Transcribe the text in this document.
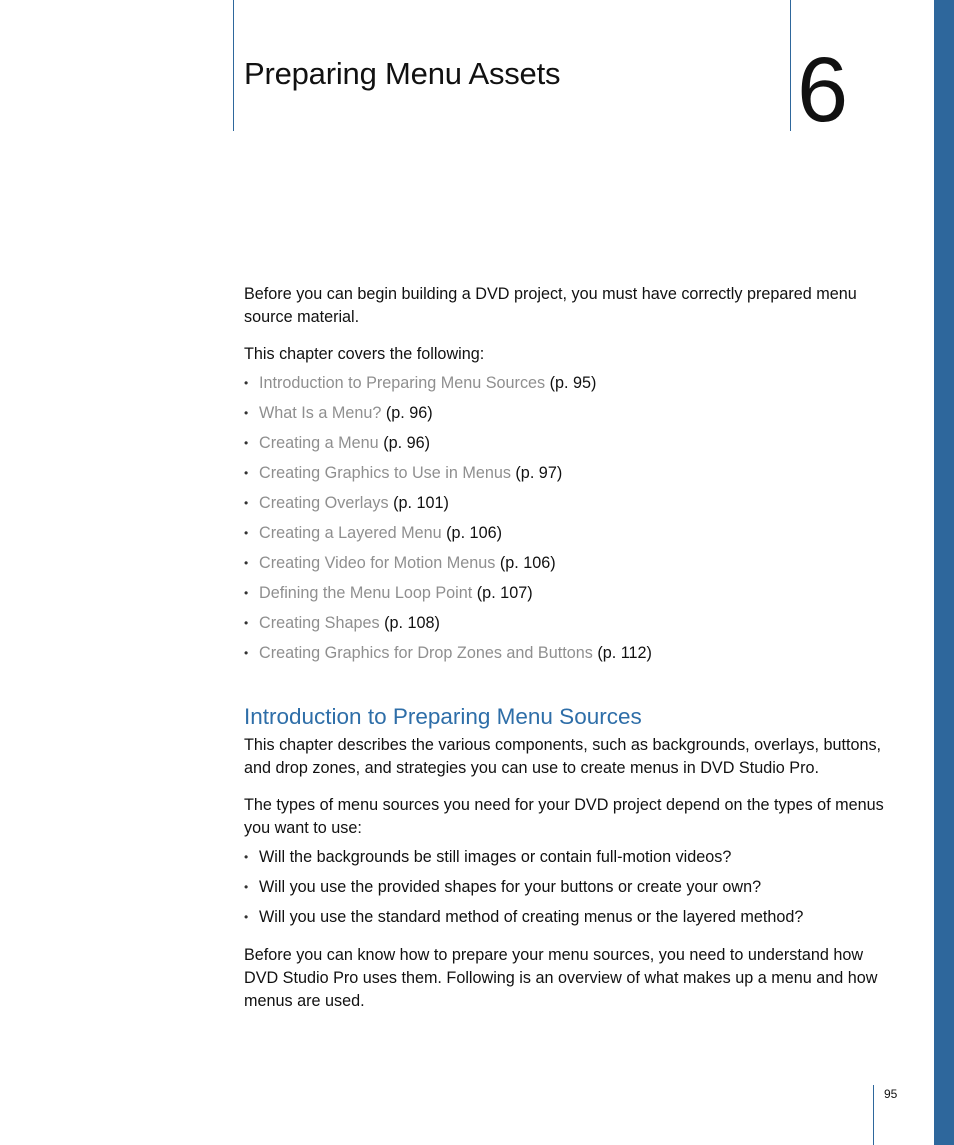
Preparing Menu Assets	6

Before you can begin building a DVD project, you must have correctly prepared menu source material.

This chapter covers the following:

• Introduction to Preparing Menu Sources (p. 95)
• What Is a Menu? (p. 96)
• Creating a Menu (p. 96)
• Creating Graphics to Use in Menus (p. 97)
• Creating Overlays (p. 101)
• Creating a Layered Menu (p. 106)
• Creating Video for Motion Menus (p. 106)
• Defining the Menu Loop Point (p. 107)
• Creating Shapes (p. 108)
• Creating Graphics for Drop Zones and Buttons (p. 112)
Introduction to Preparing Menu Sources

This chapter describes the various components, such as backgrounds, overlays, buttons, and drop zones, and strategies you can use to create menus in DVD Studio Pro.

The types of menu sources you need for your DVD project depend on the types of menus you want to use:

• Will the backgrounds be still images or contain full-motion videos?
• Will you use the provided shapes for your buttons or create your own?
• Will you use the standard method of creating menus or the layered method?

Before you can know how to prepare your menu sources, you need to understand how DVD Studio Pro uses them. Following is an overview of what makes up a menu and how menus are used.

95
